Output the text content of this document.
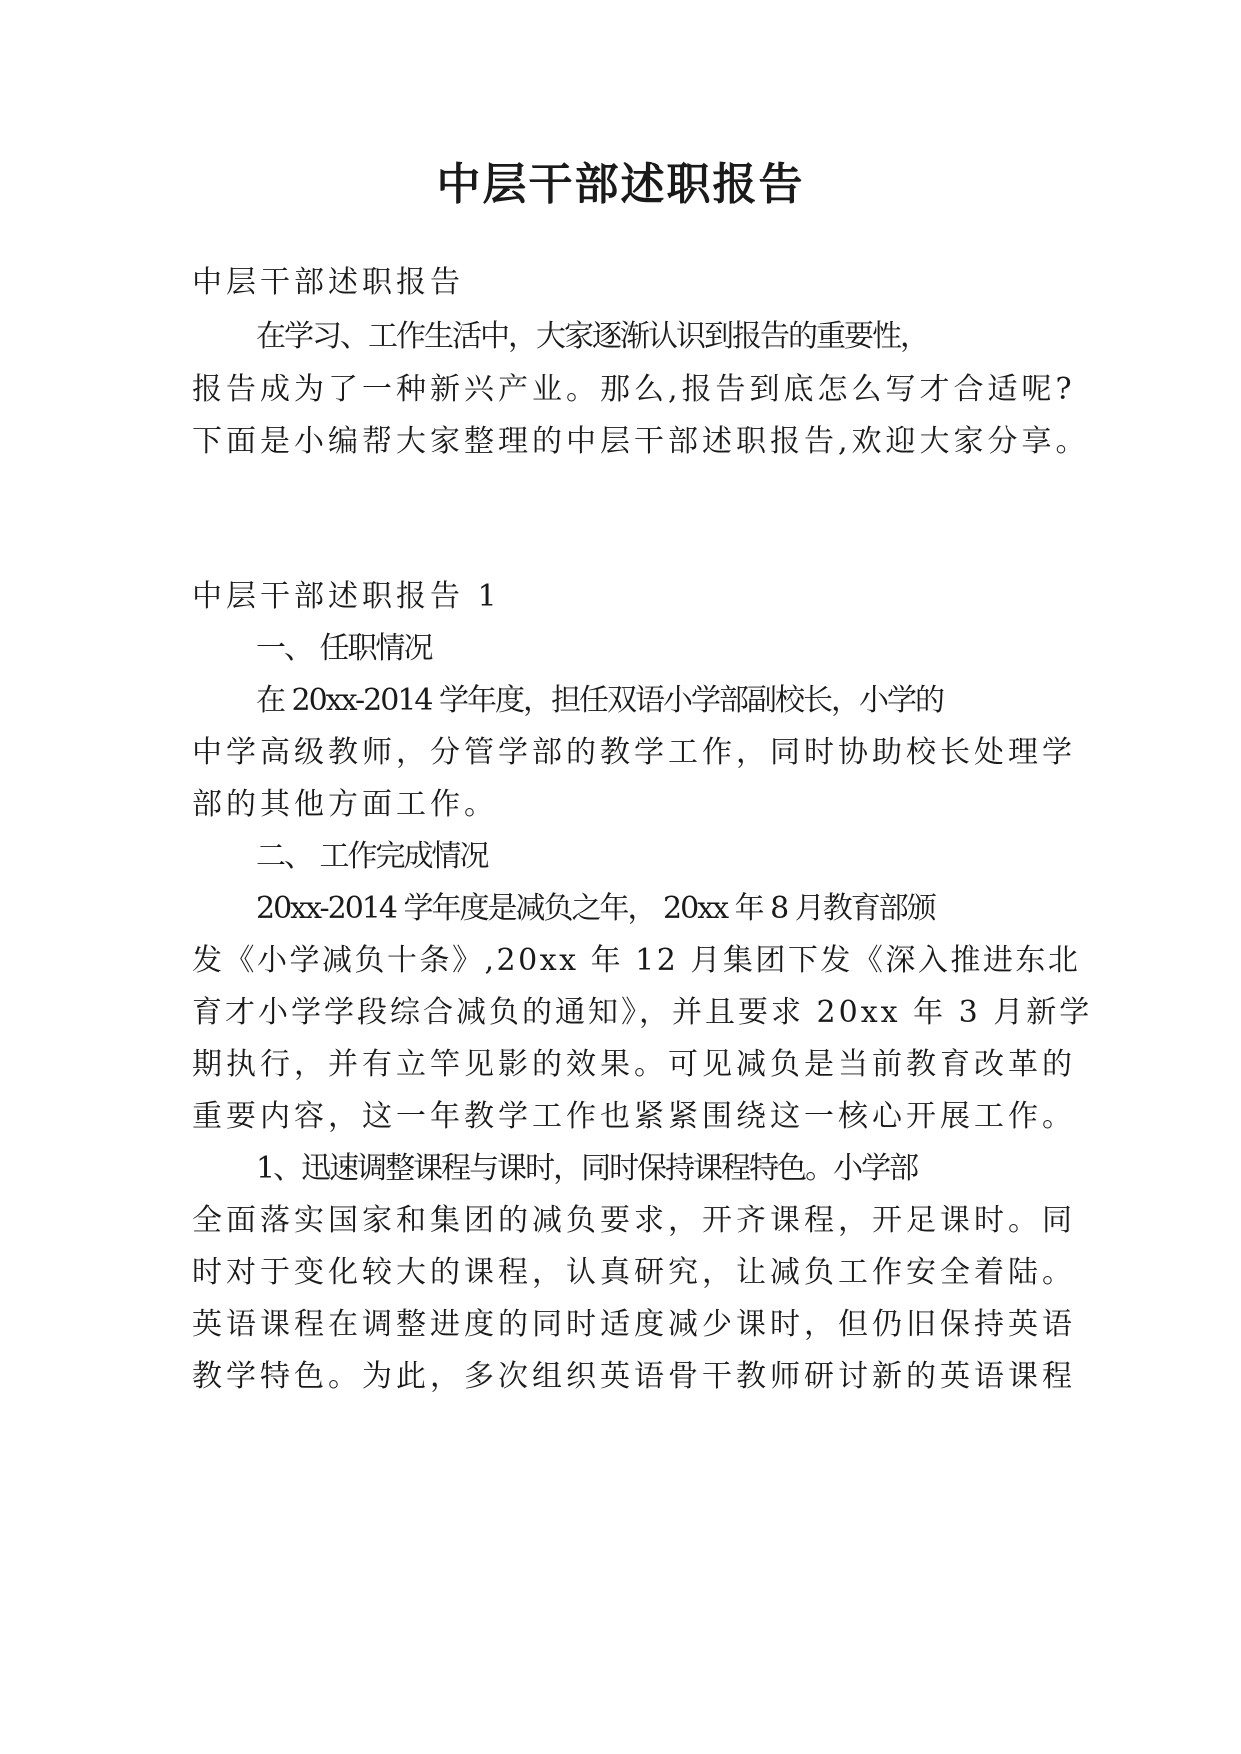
中层干部述职报告
中层干部述职报告
在学习、工作生活中，大家逐渐认识到报告的重要性，
报告成为了一种新兴产业。那么,报告到底怎么写才合适呢?
下面是小编帮大家整理的中层干部述职报告,欢迎大家分享。
中层干部述职报告 1
一、 任职情况
在 20xx-2014 学年度，担任双语小学部副校长，小学的
中学高级教师，分管学部的教学工作，同时协助校长处理学
部的其他方面工作。
二、 工作完成情况
20xx-2014 学年度是减负之年， 20xx 年 8 月教育部颁
发《小学减负十条》,20xx 年 12 月集团下发《深入推进东北
育才小学学段综合减负的通知》，并且要求 20xx 年 3 月新学
期执行，并有立竿见影的效果。可见减负是当前教育改革的
重要内容，这一年教学工作也紧紧围绕这一核心开展工作。
1、迅速调整课程与课时，同时保持课程特色。小学部
全面落实国家和集团的减负要求，开齐课程，开足课时。同
时对于变化较大的课程，认真研究，让减负工作安全着陆。
英语课程在调整进度的同时适度减少课时，但仍旧保持英语
教学特色。为此，多次组织英语骨干教师研讨新的英语课程
